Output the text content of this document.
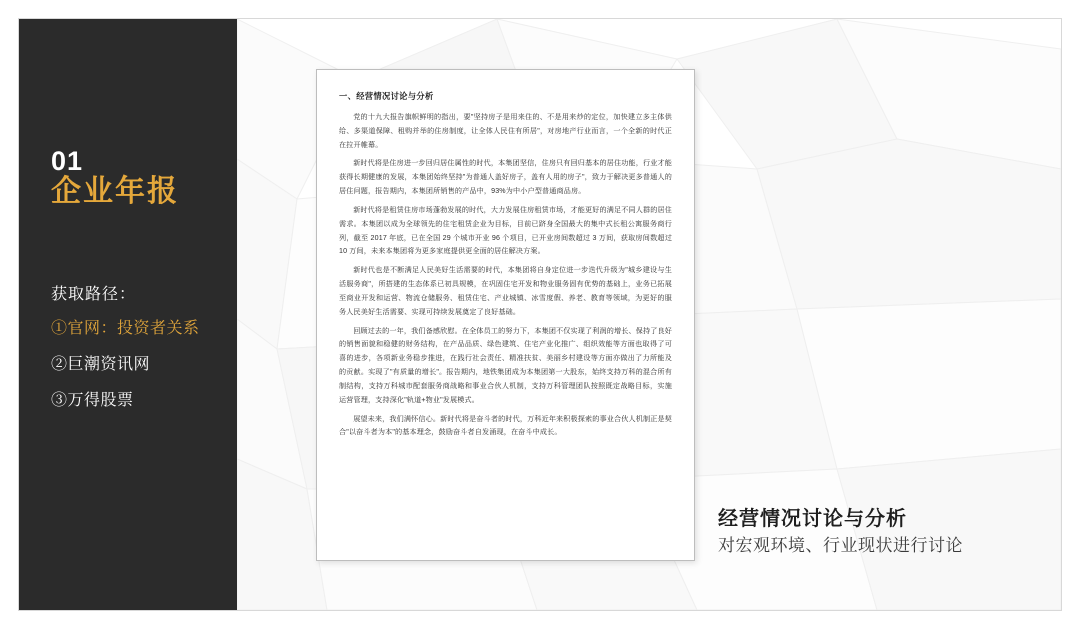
01
企业年报
获取路径：
①官网：投资者关系
②巨潮资讯网
③万得股票
一、经营情况讨论与分析

党的十九大报告旗帜鲜明的指出，要"坚持房子是用来住的、不是用来炒的定位，加快建立多主体供给、多渠道保障、租购并举的住房制度，让全体人民住有所居"，对房地产行业而言，一个全新的时代正在拉开帷幕。

新时代将是住房进一步回归居住属性的时代，本集团坚信，住房只有回归基本的居住功能，行业才能获得长期健康的发展，本集团始终坚持"为普通人盖好房子，盖有人用的房子"，致力于解决更多普通人的居住问题，报告期内，本集团所销售的产品中，93%为中小户型普通商品房。

新时代将是租赁住房市场蓬勃发展的时代，大力发展住房租赁市场，才能更好的满足不同人群的居住需求。本集团以成为全球领先的住宅租赁企业为目标，目前已跻身全国最大的集中式长租公寓服务商行列，截至 2017 年底，已在全国 29 个城市开业 96 个项目，已开业房间数超过 3 万间，获取房间数超过 10 万间，未来本集团将为更多家庭提供更全面的居住解决方案。

新时代也是不断满足人民美好生活需要的时代，本集团将自身定位进一步迭代升级为"城乡建设与生活服务商"，所搭建的生态体系已初具规模，在巩固住宅开发和物业服务固有优势的基础上，业务已拓展至商业开发和运营、物流仓储服务、租赁住宅、产业城镇、冰雪度假、养老、教育等领域，为更好的服务人民美好生活需要、实现可持续发展奠定了良好基础。

回顾过去的一年，我们备感欣慰。在全体员工的努力下，本集团不仅实现了利润的增长、保持了良好的销售面貌和稳健的财务结构，在产品品质、绿色建筑、住宅产业化推广、组织效能等方面也取得了可喜的进步，各项新业务稳步推进，在践行社会责任、精准扶贫、美丽乡村建设等方面亦做出了力所能及的贡献。实现了"有质量的增长"。报告期内，地铁集团成为本集团第一大股东，始终支持万科的混合所有制结构，支持万科城市配套服务商战略和事业合伙人机制，支持万科管理团队按照既定战略目标，实施运营管理，支持深化"轨道+物业"发展模式。

展望未来，我们满怀信心。新时代将是奋斗者的时代，万科近年来积极探索的事业合伙人机制正是契合"以奋斗者为本"的基本理念，鼓励奋斗者自发涌现，在奋斗中成长。

经营情况讨论与分析
对宏观环境、行业现状进行讨论
